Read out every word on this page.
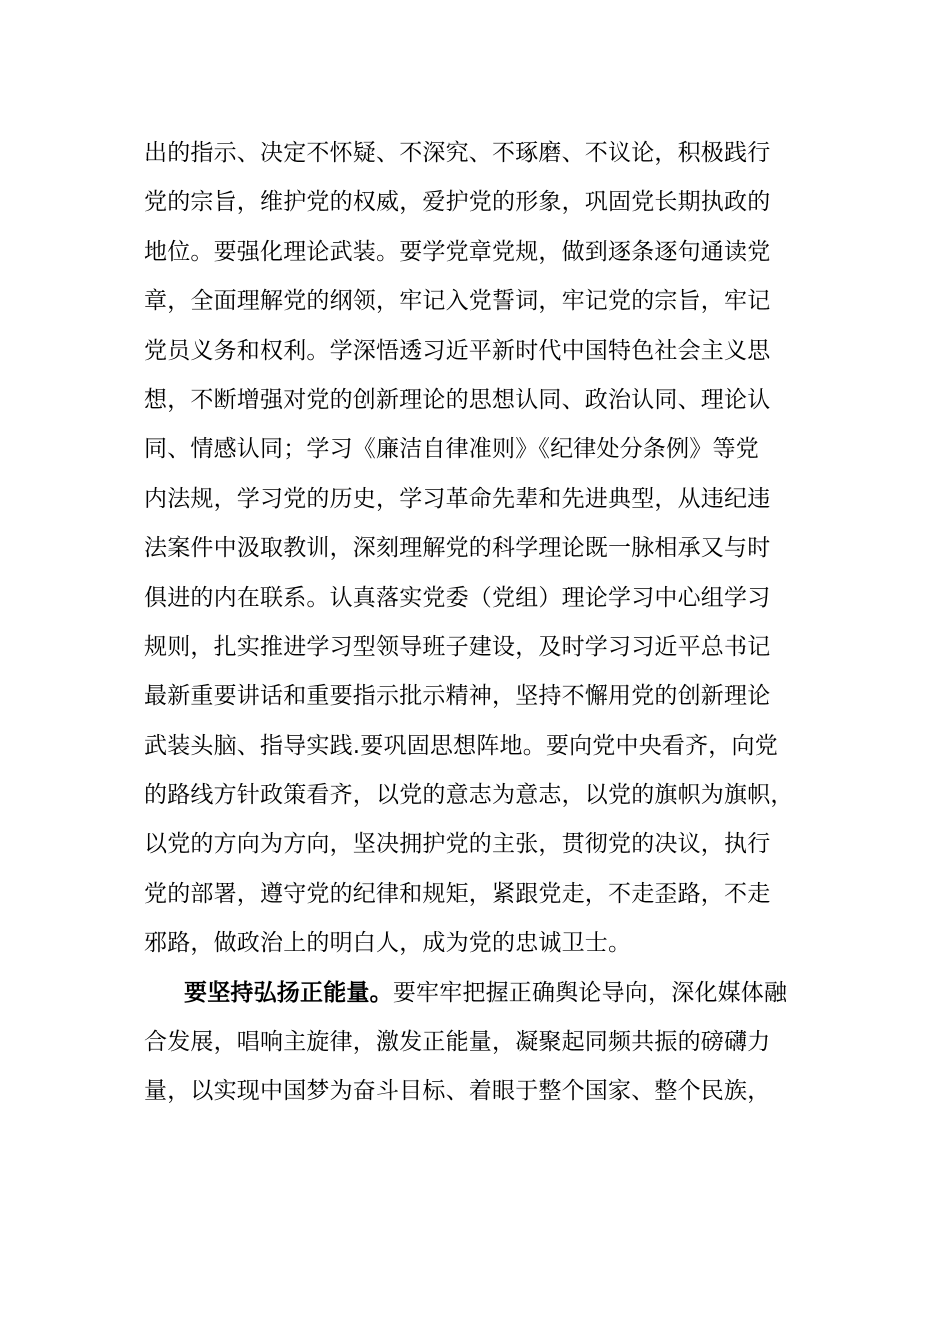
出的指示、决定不怀疑、不深究、不琢磨、不议论，积极践行
党的宗旨，维护党的权威，爱护党的形象，巩固党长期执政的
地位。要强化理论武装。要学党章党规，做到逐条逐句通读党
章，全面理解党的纲领，牢记入党誓词，牢记党的宗旨，牢记
党员义务和权利。学深悟透习近平新时代中国特色社会主义思
想，不断增强对党的创新理论的思想认同、政治认同、理论认
同、情感认同；学习《廉洁自律准则》《纪律处分条例》等党
内法规，学习党的历史，学习革命先辈和先进典型，从违纪违
法案件中汲取教训，深刻理解党的科学理论既一脉相承又与时
俱进的内在联系。认真落实党委（党组）理论学习中心组学习
规则，扎实推进学习型领导班子建设，及时学习习近平总书记
最新重要讲话和重要指示批示精神，坚持不懈用党的创新理论
武装头脑、指导实践.要巩固思想阵地。要向党中央看齐，向党
的路线方针政策看齐，以党的意志为意志，以党的旗帜为旗帜，
以党的方向为方向，坚决拥护党的主张，贯彻党的决议，执行
党的部署，遵守党的纪律和规矩，紧跟党走，不走歪路，不走
邪路，做政治上的明白人，成为党的忠诚卫士。
要坚持弘扬正能量。要牢牢把握正确舆论导向，深化媒体融
合发展，唱响主旋律，激发正能量，凝聚起同频共振的磅礴力
量，以实现中国梦为奋斗目标、着眼于整个国家、整个民族，
